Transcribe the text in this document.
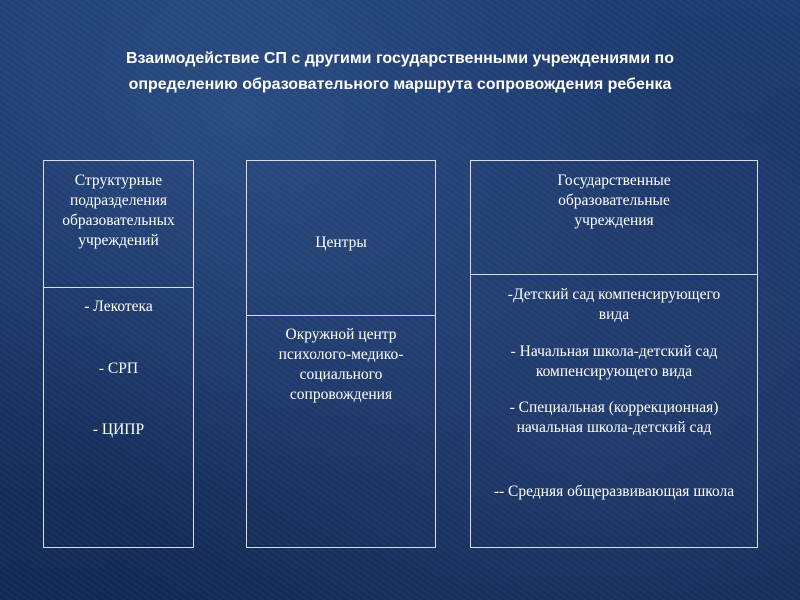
Взаимодействие СП с другими государственными учреждениями по
определению образовательного маршрута сопровождения ребенка
Структурные подразделения образовательных учреждений
- Лекотека
- СРП
- ЦИПР
Центры
Окружной центр психолого-медико-социального сопровождения
Государственные образовательные учреждения
-Детский сад компенсирующего вида
- Начальная школа-детский сад компенсирующего вида
- Специальная (коррекционная) начальная школа-детский сад
-- Средняя общеразвивающая школа
